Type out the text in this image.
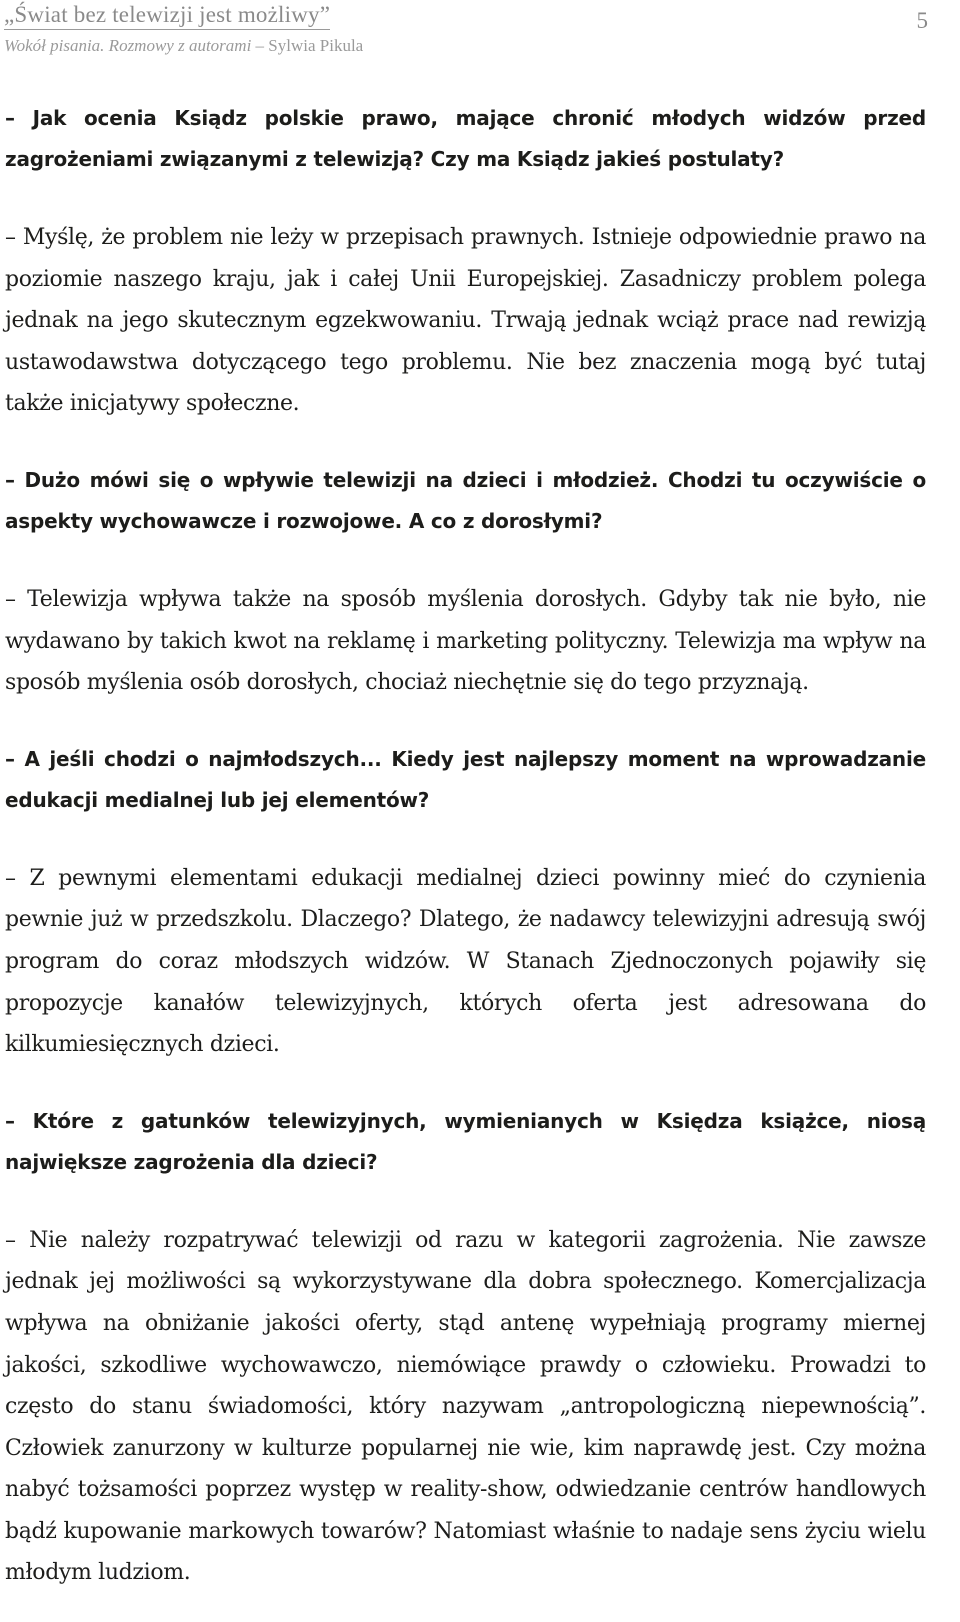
„Świat bez telewizji jest możliwy”
Wokół pisania. Rozmowy z autorami – Sylwia Pikula
5

– Jak ocenia Ksiądz polskie prawo, mające chronić młodych widzów przed zagrożeniami związanymi z telewizją? Czy ma Ksiądz jakieś postulaty?

– Myślę, że problem nie leży w przepisach prawnych. Istnieje odpowiednie prawo na poziomie naszego kraju, jak i całej Unii Europejskiej. Zasadniczy problem polega jednak na jego skutecznym egzekwowaniu. Trwają jednak wciąż prace nad rewizją ustawodawstwa dotyczącego tego problemu. Nie bez znaczenia mogą być tutaj także inicjatywy społeczne.

– Dużo mówi się o wpływie telewizji na dzieci i młodzież. Chodzi tu oczywiście o aspekty wychowawcze i rozwojowe. A co z dorosłymi?

– Telewizja wpływa także na sposób myślenia dorosłych. Gdyby tak nie było, nie wydawano by takich kwot na reklamę i marketing polityczny. Telewizja ma wpływ na sposób myślenia osób dorosłych, chociaż niechętnie się do tego przyznają.

– A jeśli chodzi o najmłodszych... Kiedy jest najlepszy moment na wprowadzanie edukacji medialnej lub jej elementów?

– Z pewnymi elementami edukacji medialnej dzieci powinny mieć do czynienia pewnie już w przedszkolu. Dlaczego? Dlatego, że nadawcy telewizyjni adresują swój program do coraz młodszych widzów. W Stanach Zjednoczonych pojawiły się propozycje kanałów telewizyjnych, których oferta jest adresowana do kilkumiesięcznych dzieci.

– Które z gatunków telewizyjnych, wymienianych w Księdza książce, niosą największe zagrożenia dla dzieci?

– Nie należy rozpatrywać telewizji od razu w kategorii zagrożenia. Nie zawsze jednak jej możliwości są wykorzystywane dla dobra społecznego. Komercjalizacja wpływa na obniżanie jakości oferty, stąd antenę wypełniają programy miernej jakości, szkodliwe wychowawczo, niemówiące prawdy o człowieku. Prowadzi to często do stanu świadomości, który nazywam „antropologiczną niepewnością”. Człowiek zanurzony w kulturze popularnej nie wie, kim naprawdę jest. Czy można nabyć tożsamości poprzez występ w reality-show, odwiedzanie centrów handlowych bądź kupowanie markowych towarów? Natomiast właśnie to nadaje sens życiu wielu młodym ludziom.
